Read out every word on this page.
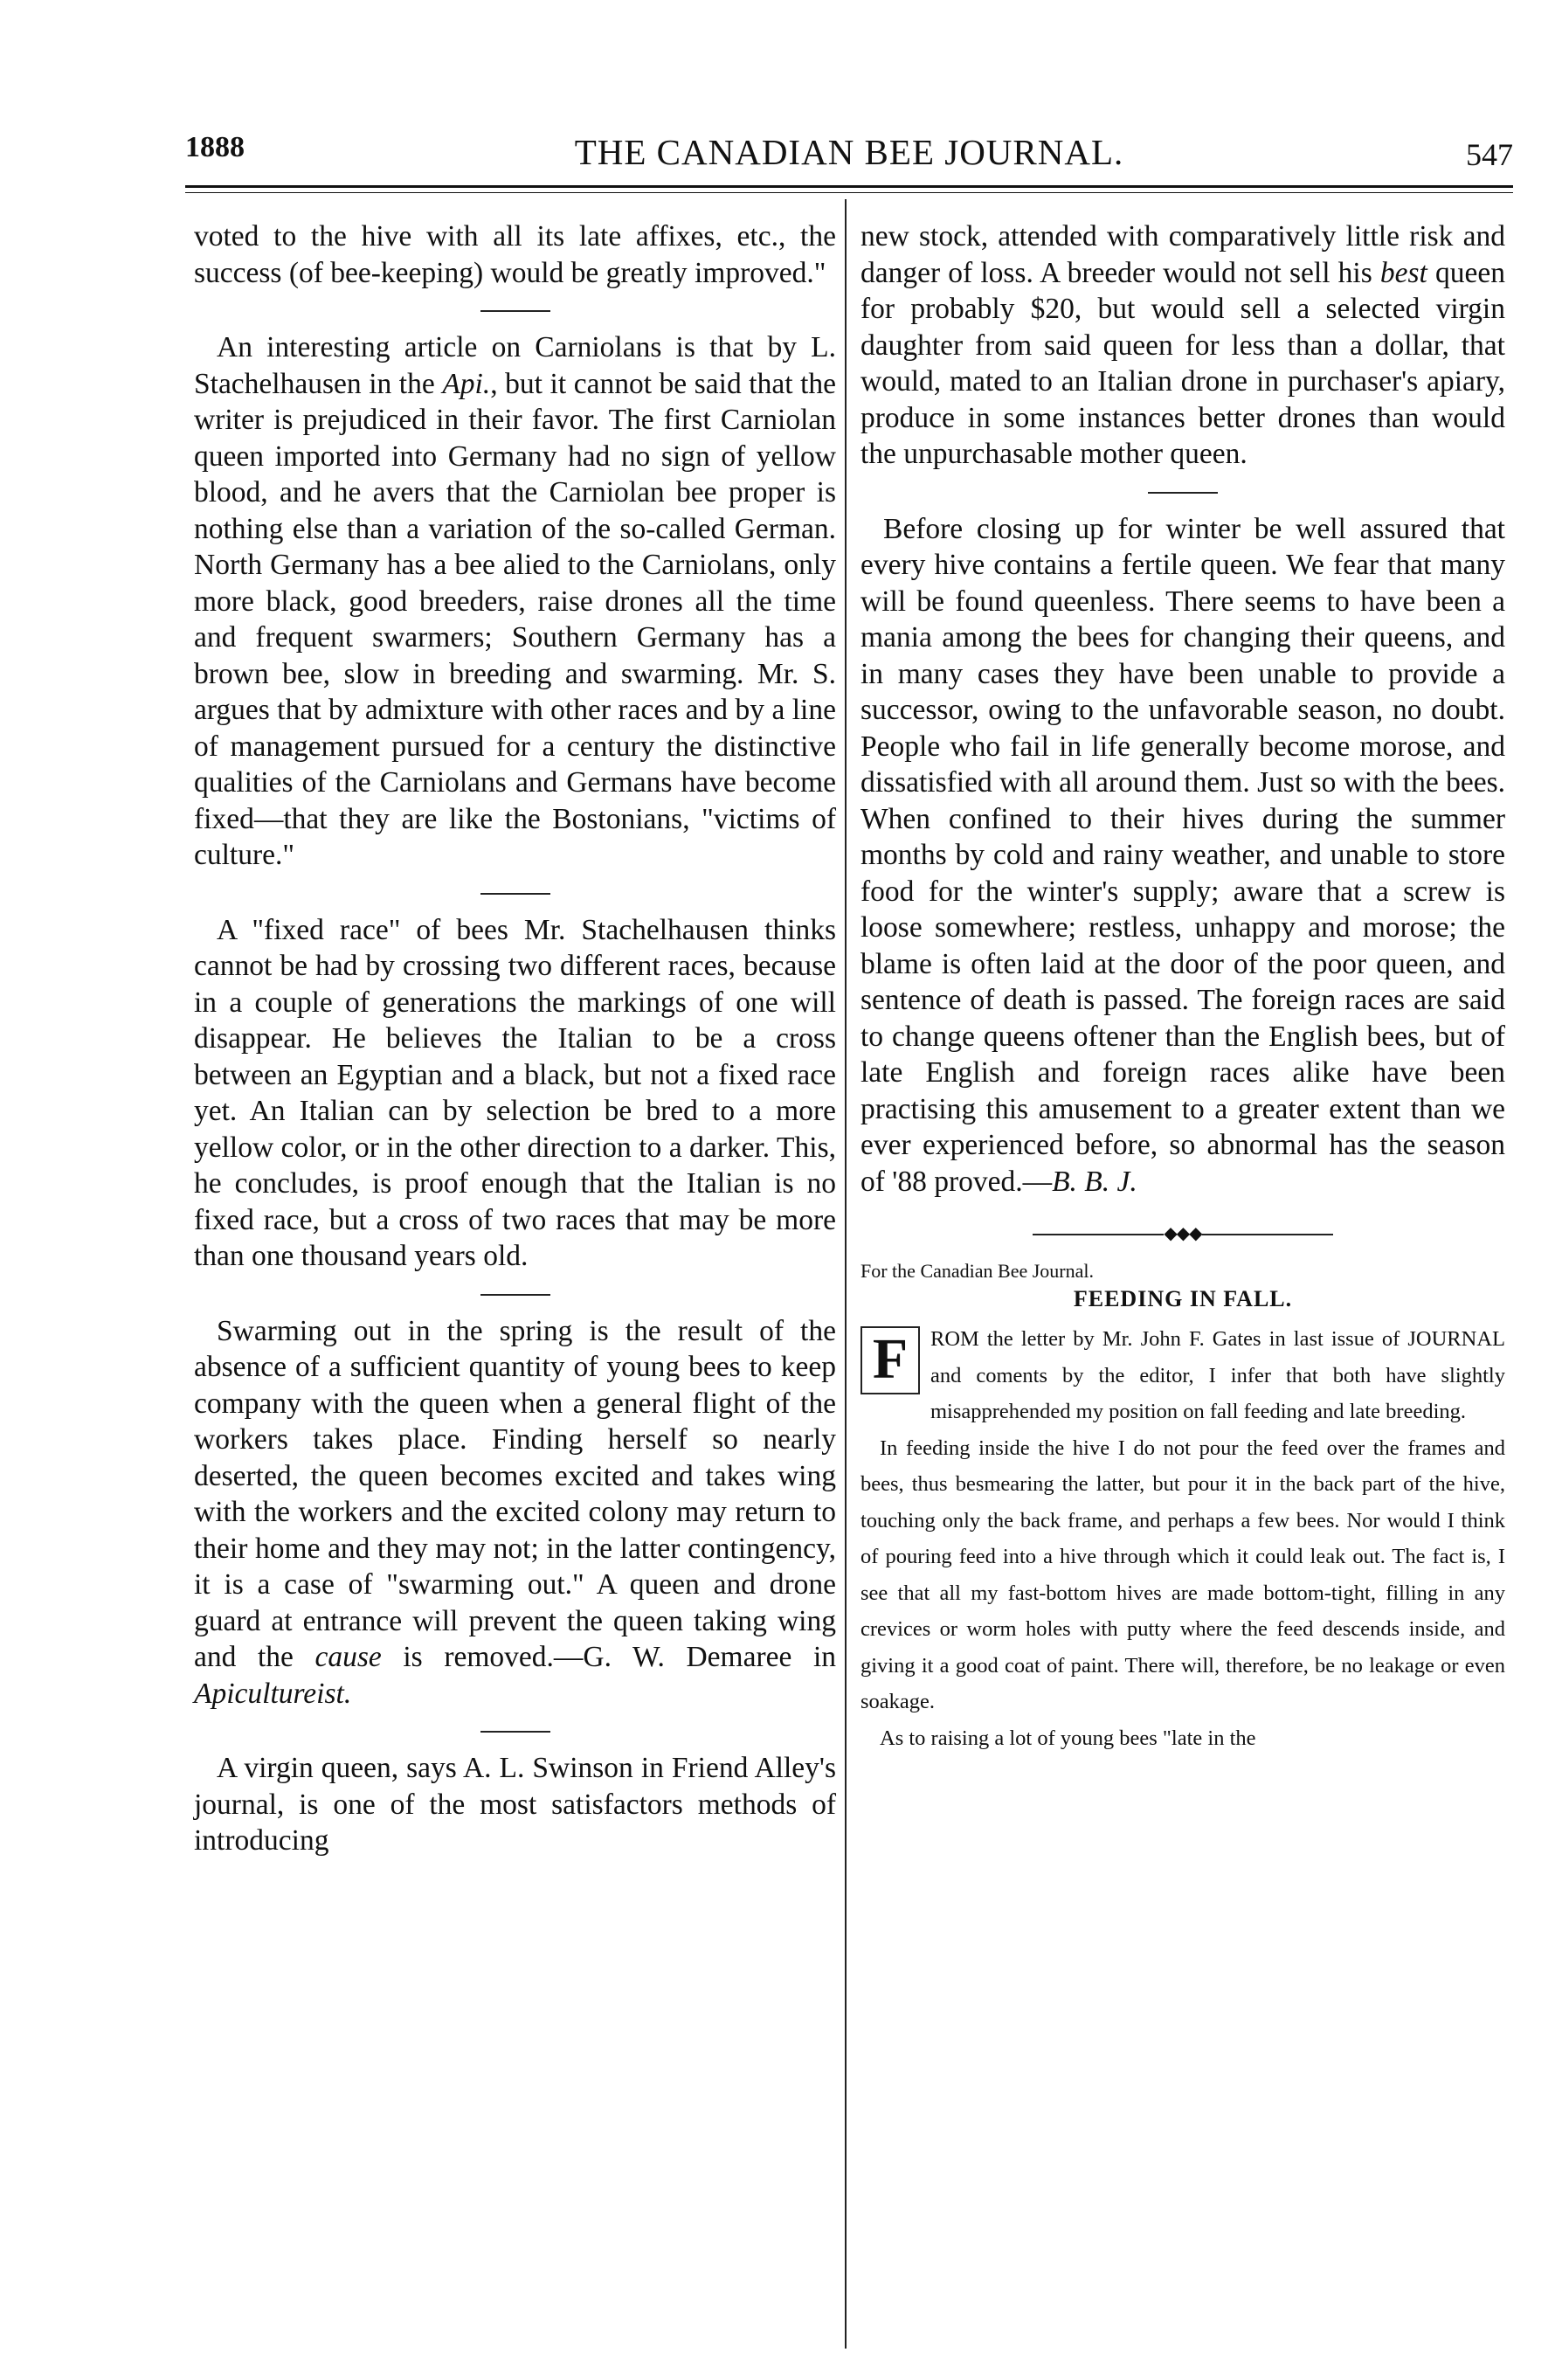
1888	THE CANADIAN BEE JOURNAL.	547

voted to the hive with all its late affixes, etc., the success (of bee-keeping) would be greatly improved."

An interesting article on Carniolans is that by L. Stachelhausen in the Api., but it cannot be said that the writer is prejudiced in their favor. The first Carniolan queen imported into Germany had no sign of yellow blood, and he avers that the Carniolan bee proper is nothing else than a variation of the so-called German. North Germany has a bee alied to the Carniolans, only more black, good breeders, raise drones all the time and frequent swarmers; Southern Germany has a brown bee, slow in breeding and swarming. Mr. S. argues that by admixture with other races and by a line of management pursued for a century the distinctive qualities of the Carniolans and Germans have become fixed—that they are like the Bostonians, "victims of culture."

A "fixed race" of bees Mr. Stachelhausen thinks cannot be had by crossing two different races, because in a couple of generations the markings of one will disappear. He believes the Italian to be a cross between an Egyptian and a black, but not a fixed race yet. An Italian can by selection be bred to a more yellow color, or in the other direction to a darker. This, he concludes, is proof enough that the Italian is no fixed race, but a cross of two races that may be more than one thousand years old.

Swarming out in the spring is the result of the absence of a sufficient quantity of young bees to keep company with the queen when a general flight of the workers takes place. Finding herself so nearly deserted, the queen becomes excited and takes wing with the workers and the excited colony may return to their home and they may not; in the latter contingency, it is a case of "swarming out." A queen and drone guard at entrance will prevent the queen taking wing and the cause is removed.—G. W. Demaree in Apicultureist.

A virgin queen, says A. L. Swinson in Friend Alley's journal, is one of the most satisfactors methods of introducing

new stock, attended with comparatively little risk and danger of loss. A breeder would not sell his best queen for probably $20, but would sell a selected virgin daughter from said queen for less than a dollar, that would, mated to an Italian drone in purchaser's apiary, produce in some instances better drones than would the unpurchasable mother queen.

Before closing up for winter be well assured that every hive contains a fertile queen. We fear that many will be found queenless. There seems to have been a mania among the bees for changing their queens, and in many cases they have been unable to provide a successor, owing to the unfavorable season, no doubt. People who fail in life generally become morose, and dissatisfied with all around them. Just so with the bees. When confined to their hives during the summer months by cold and rainy weather, and unable to store food for the winter's supply; aware that a screw is loose somewhere; restless, unhappy and morose; the blame is often laid at the door of the poor queen, and sentence of death is passed. The foreign races are said to change queens oftener than the English bees, but of late English and foreign races alike have been practising this amusement to a greater extent than we ever experienced before, so abnormal has the season of '88 proved.—B. B. J.

◆◆◆

For the Canadian Bee Journal.

FEEDING IN FALL.

F	ROM the letter by Mr. John F. Gates in last issue of JOURNAL and coments by the editor, I infer that both have slightly misapprehended my position on fall feeding and late breeding.

In feeding inside the hive I do not pour the feed over the frames and bees, thus besmearing the latter, but pour it in the back part of the hive, touching only the back frame, and perhaps a few bees. Nor would I think of pouring feed into a hive through which it could leak out. The fact is, I see that all my fast-bottom hives are made bottom-tight, filling in any crevices or worm holes with putty where the feed descends inside, and giving it a good coat of paint. There will, therefore, be no leakage or even soakage.

As to raising a lot of young bees "late in the
